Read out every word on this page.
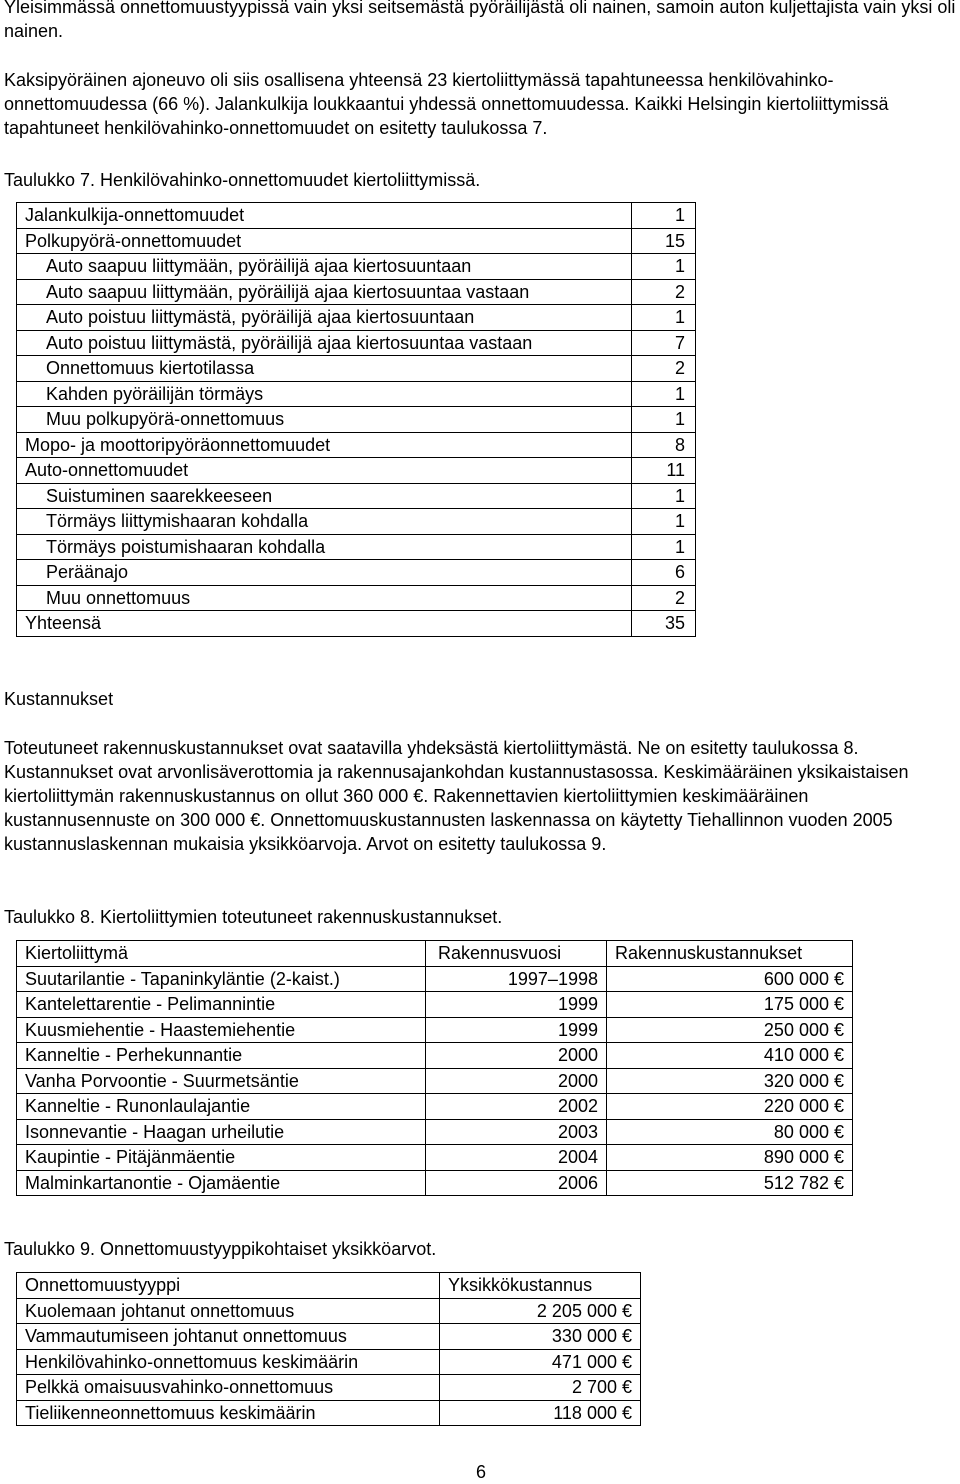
Yleisimmässä onnettomuustyypissä vain yksi seitsemästä pyöräilijästä oli nainen, samoin auton kuljettajista vain yksi oli nainen.

Kaksipyöräinen ajoneuvo oli siis osallisena yhteensä 23 kiertoliittymässä tapahtuneessa henkilövahinko-onnettomuudessa (66 %). Jalankulkija loukkaantui yhdessä onnettomuudessa. Kaikki Helsingin kiertoliittymissä tapahtuneet henkilövahinko-onnettomuudet on esitetty taulukossa 7.

Taulukko 7. Henkilövahinko-onnettomuudet kiertoliittymissä.

Jalankulkija-onnettomuudet	1
Polkupyörä-onnettomuudet	15
Auto saapuu liittymään, pyöräilijä ajaa kiertosuuntaan	1
Auto saapuu liittymään, pyöräilijä ajaa kiertosuuntaa vastaan	2
Auto poistuu liittymästä, pyöräilijä ajaa kiertosuuntaan	1
Auto poistuu liittymästä, pyöräilijä ajaa kiertosuuntaa vastaan	7
Onnettomuus kiertotilassa	2
Kahden pyöräilijän törmäys	1
Muu polkupyörä-onnettomuus	1
Mopo- ja moottoripyöräonnettomuudet	8
Auto-onnettomuudet	11
Suistuminen saarekkeeseen	1
Törmäys liittymishaaran kohdalla	1
Törmäys poistumishaaran kohdalla	1
Peräänajo	6
Muu onnettomuus	2
Yhteensä	35

Kustannukset

Toteutuneet rakennuskustannukset ovat saatavilla yhdeksästä kiertoliittymästä. Ne on esitetty taulukossa 8. Kustannukset ovat arvonlisäverottomia ja rakennusajankohdan kustannustasossa. Keskimääräinen yksikaistaisen kiertoliittymän rakennuskustannus on ollut 360 000 €. Rakennettavien kiertoliittymien keskimääräinen kustannusennuste on 300 000 €. Onnettomuuskustannusten laskennassa on käytetty Tiehallinnon vuoden 2005 kustannuslaskennan mukaisia yksikköarvoja. Arvot on esitetty taulukossa 9.

Taulukko 8. Kiertoliittymien toteutuneet rakennuskustannukset.

Kiertoliittymä	Rakennusvuosi	Rakennuskustannukset
Suutarilantie - Tapaninkyläntie (2-kaist.)	1997–1998	600 000 €
Kantelettarentie - Pelimannintie	1999	175 000 €
Kuusmiehentie - Haastemiehentie	1999	250 000 €
Kanneltie - Perhekunnantie	2000	410 000 €
Vanha Porvoontie - Suurmetsäntie	2000	320 000 €
Kanneltie - Runonlaulajantie	2002	220 000 €
Isonnevantie - Haagan urheilutie	2003	80 000 €
Kaupintie - Pitäjänmäentie	2004	890 000 €
Malminkartanontie - Ojamäentie	2006	512 782 €

Taulukko 9. Onnettomuustyyppikohtaiset yksikköarvot.

Onnettomuustyyppi	Yksikkökustannus
Kuolemaan johtanut onnettomuus	2 205 000 €
Vammautumiseen johtanut onnettomuus	330 000 €
Henkilövahinko-onnettomuus keskimäärin	471 000 €
Pelkkä omaisuusvahinko-onnettomuus	2 700 €
Tieliikenneonnettomuus keskimäärin	118 000 €

6
